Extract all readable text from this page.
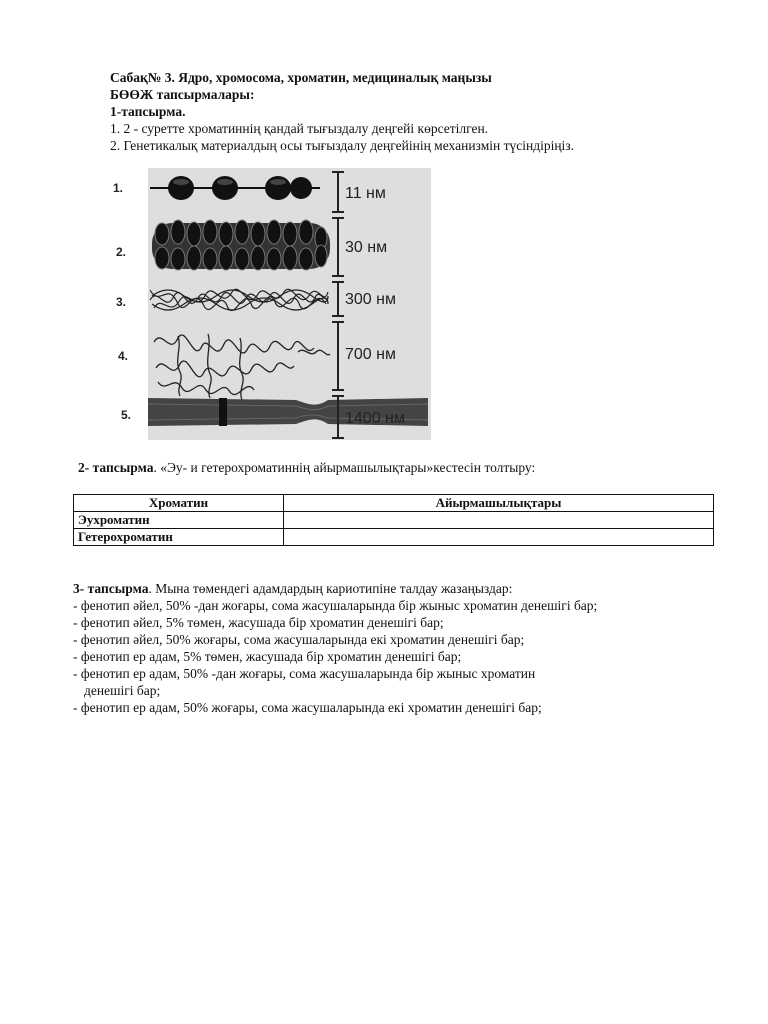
Сабақ№ 3. Ядро, хромосома, хроматин, медициналық маңызы
БӨӨЖ тапсырмалары:
1-тапсырма.
1. 2 - суретте хроматиннің қандай тығыздалу деңгейі көрсетілген.
2. Генетикалық материалдың осы тығыздалу деңгейінің механизмін түсіндіріңіз.
1.
2.
3.
4.
5.
11 нм
30 нм
300 нм
700 нм
1400 нм
2- тапсырма. «Эу- и гетерохроматиннің айырмашылықтары»кестесін толтыру:
Хроматин	Айырмашылықтары
Эухроматин	
Гетерохроматин	
3- тапсырма. Мына төмендегі адамдардың кариотипіне талдау жазаңыздар:
- фенотип әйел, 50% -дан жоғары, сома жасушаларында бір жыныс хроматин денешігі бар;
- фенотип әйел, 5% төмен, жасушада бір хроматин денешігі бар;
- фенотип әйел, 50% жоғары, сома жасушаларында екі хроматин денешігі бар;
- фенотип ер адам, 5% төмен, жасушада бір хроматин денешігі бар;
- фенотип ер адам, 50% -дан жоғары, сома жасушаларында бір жыныс хроматин
денешігі бар;
- фенотип ер адам, 50% жоғары, сома жасушаларында екі хроматин денешігі бар;
